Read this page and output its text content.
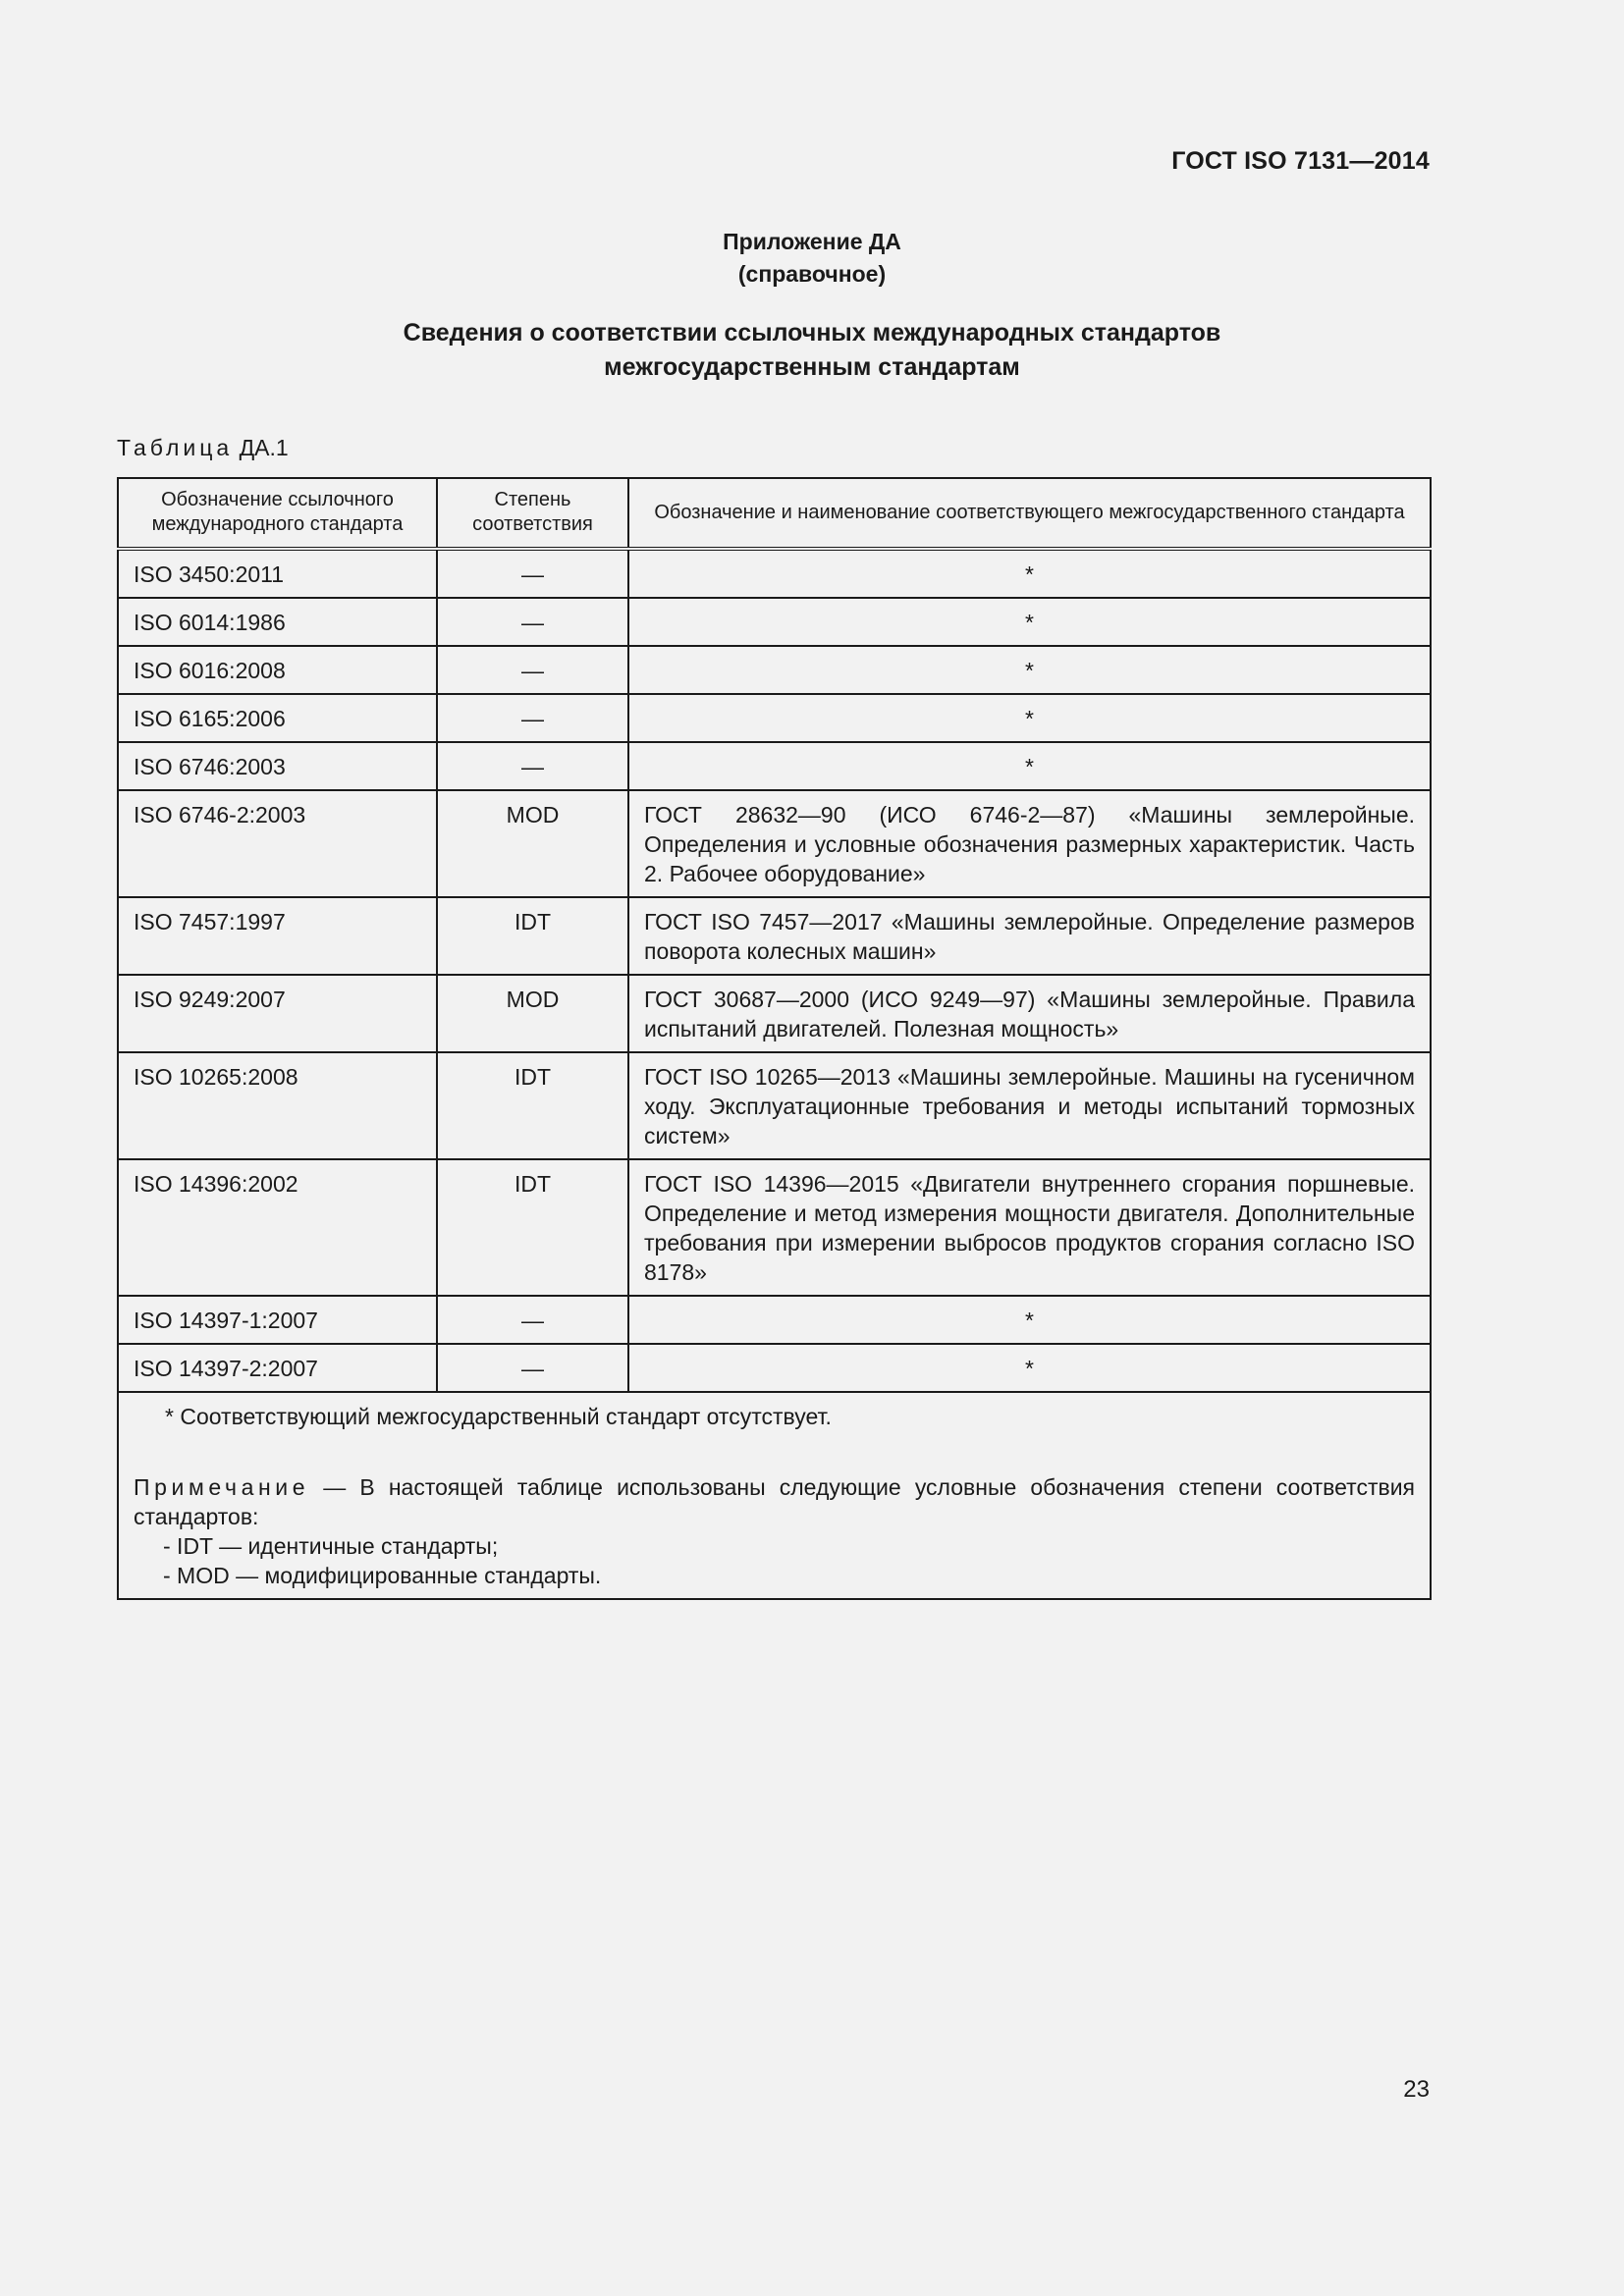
ГОСТ ISO 7131—2014
Приложение ДА
(справочное)
Сведения о соответствии ссылочных международных стандартов
межгосударственным стандартам
Таблица ДА.1
Обозначение ссылочного международного стандарта	Степень соответствия	Обозначение и наименование соответствующего межгосударственного стандарта
ISO 3450:2011	—	*
ISO 6014:1986	—	*
ISO 6016:2008	—	*
ISO 6165:2006	—	*
ISO 6746:2003	—	*
ISO 6746-2:2003	MOD	ГОСТ 28632—90 (ИСО 6746-2—87) «Машины землеройные. Определения и условные обозначения размерных характеристик. Часть 2. Рабочее оборудование»
ISO 7457:1997	IDT	ГОСТ ISO 7457—2017 «Машины землеройные. Определение размеров поворота колесных машин»
ISO 9249:2007	MOD	ГОСТ 30687—2000 (ИСО 9249—97) «Машины землеройные. Правила испытаний двигателей. Полезная мощность»
ISO 10265:2008	IDT	ГОСТ ISO 10265—2013 «Машины землеройные. Машины на гусеничном ходу. Эксплуатационные требования и методы испытаний тормозных систем»
ISO 14396:2002	IDT	ГОСТ ISO 14396—2015 «Двигатели внутреннего сгорания поршневые. Определение и метод измерения мощности двигателя. Дополнительные требования при измерении выбросов продуктов сгорания согласно ISO 8178»
ISO 14397-1:2007	—	*
ISO 14397-2:2007	—	*

* Соответствующий межгосударственный стандарт отсутствует.
Примечание — В настоящей таблице использованы следующие условные обозначения степени соответствия стандартов:
- IDT — идентичные стандарты;
- MOD — модифицированные стандарты.		
23
